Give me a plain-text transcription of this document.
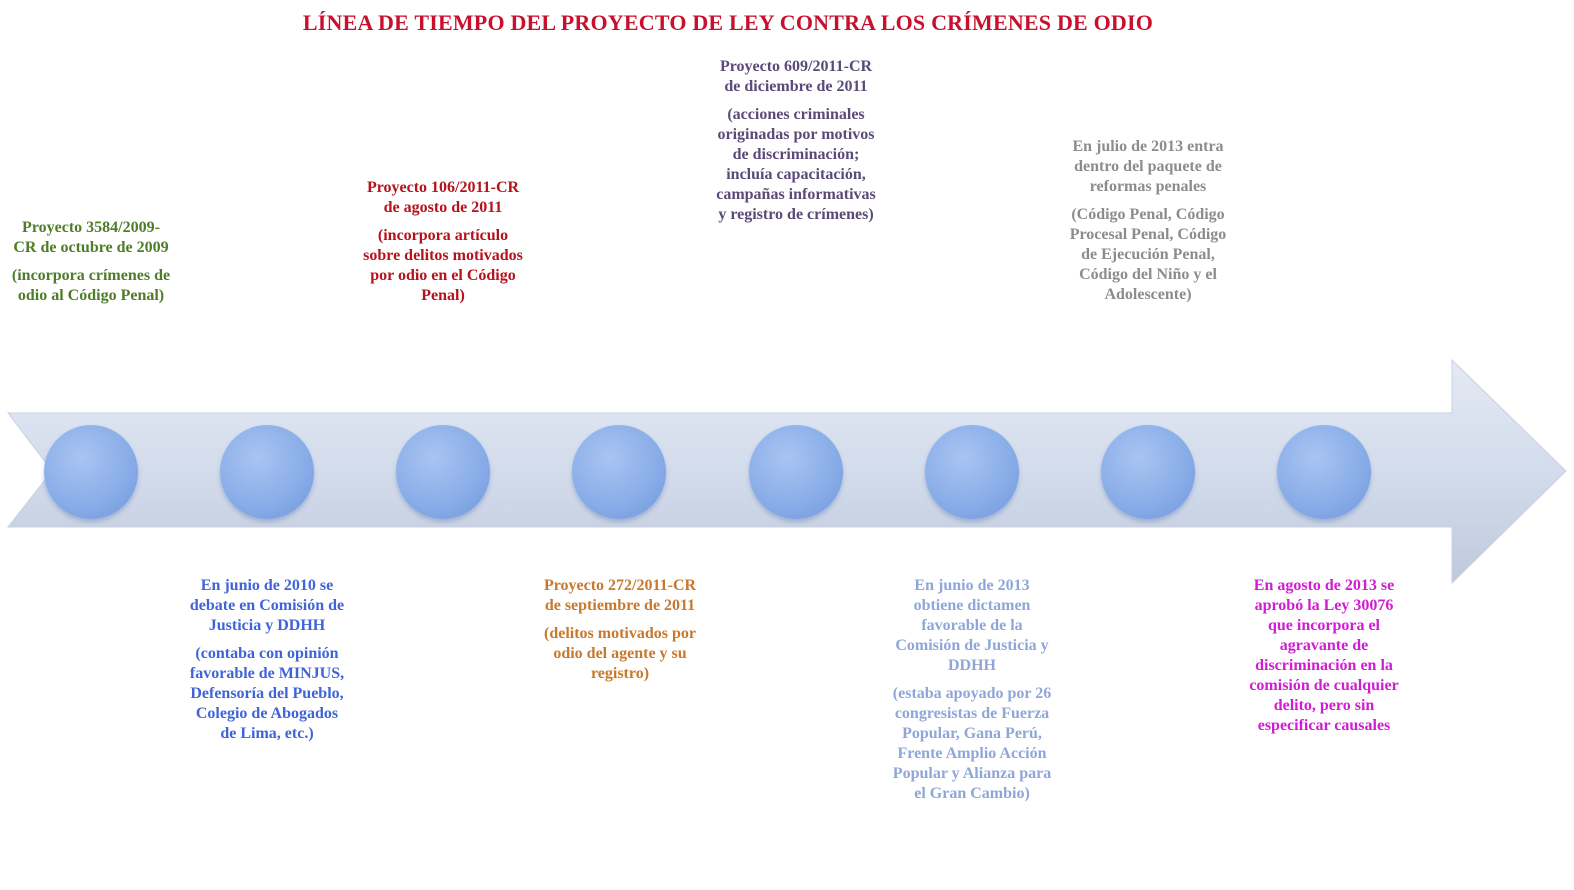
LÍNEA DE TIEMPO DEL PROYECTO DE LEY CONTRA LOS CRÍMENES DE ODIO
Proyecto 3584/2009-CR de octubre de 2009
(incorpora crímenes de odio al Código Penal)
Proyecto 106/2011-CR de agosto de 2011
(incorpora artículo sobre delitos motivados por odio en el Código Penal)
Proyecto 609/2011-CR de diciembre de 2011
(acciones criminales originadas por motivos de discriminación; incluía capacitación, campañas informativas y registro de crímenes)
En julio de 2013 entra dentro del paquete de reformas penales
(Código Penal, Código Procesal Penal, Código de Ejecución Penal, Código del Niño y el Adolescente)
En junio de 2010 se debate en Comisión de Justicia y DDHH
(contaba con opinión favorable de MINJUS, Defensoría del Pueblo, Colegio de Abogados de Lima, etc.)
Proyecto 272/2011-CR de septiembre de 2011
(delitos motivados por odio del agente y su registro)
En junio de 2013 obtiene dictamen favorable de la Comisión de Justicia y DDHH
(estaba apoyado por 26 congresistas de Fuerza Popular, Gana Perú, Frente Amplio Acción Popular y Alianza para el Gran Cambio)
En agosto de 2013 se aprobó la Ley 30076 que incorpora el agravante de discriminación en la comisión de cualquier delito, pero sin especificar causales
